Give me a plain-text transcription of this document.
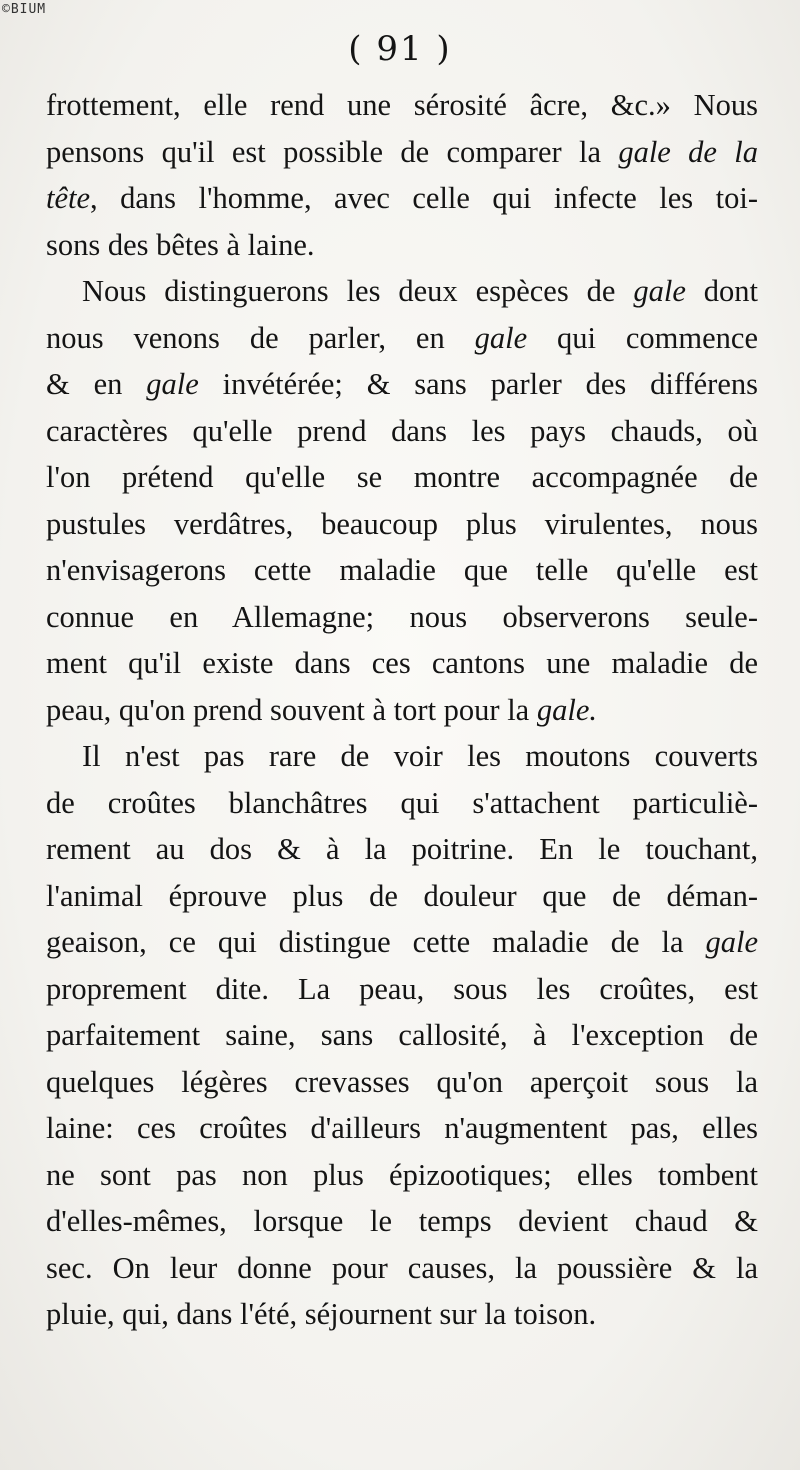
©BIUM
( 91 )
frottement, elle rend une sérosité âcre, &c.» Nous
pensons qu'il est possible de comparer la gale de la
tête, dans l'homme, avec celle qui infecte les toi-
sons des bêtes à laine.
Nous distinguerons les deux espèces de gale dont
nous venons de parler, en gale qui commence
& en gale invétérée; & sans parler des différens
caractères qu'elle prend dans les pays chauds, où
l'on prétend qu'elle se montre accompagnée de
pustules verdâtres, beaucoup plus virulentes, nous
n'envisagerons cette maladie que telle qu'elle est
connue en Allemagne; nous observerons seule-
ment qu'il existe dans ces cantons une maladie de
peau, qu'on prend souvent à tort pour la gale.
Il n'est pas rare de voir les moutons couverts
de croûtes blanchâtres qui s'attachent particuliè-
rement au dos & à la poitrine. En le touchant,
l'animal éprouve plus de douleur que de déman-
geaison, ce qui distingue cette maladie de la gale
proprement dite. La peau, sous les croûtes, est
parfaitement saine, sans callosité, à l'exception de
quelques légères crevasses qu'on aperçoit sous la
laine: ces croûtes d'ailleurs n'augmentent pas, elles
ne sont pas non plus épizootiques; elles tombent
d'elles-mêmes, lorsque le temps devient chaud &
sec. On leur donne pour causes, la poussière & la
pluie, qui, dans l'été, séjournent sur la toison.
